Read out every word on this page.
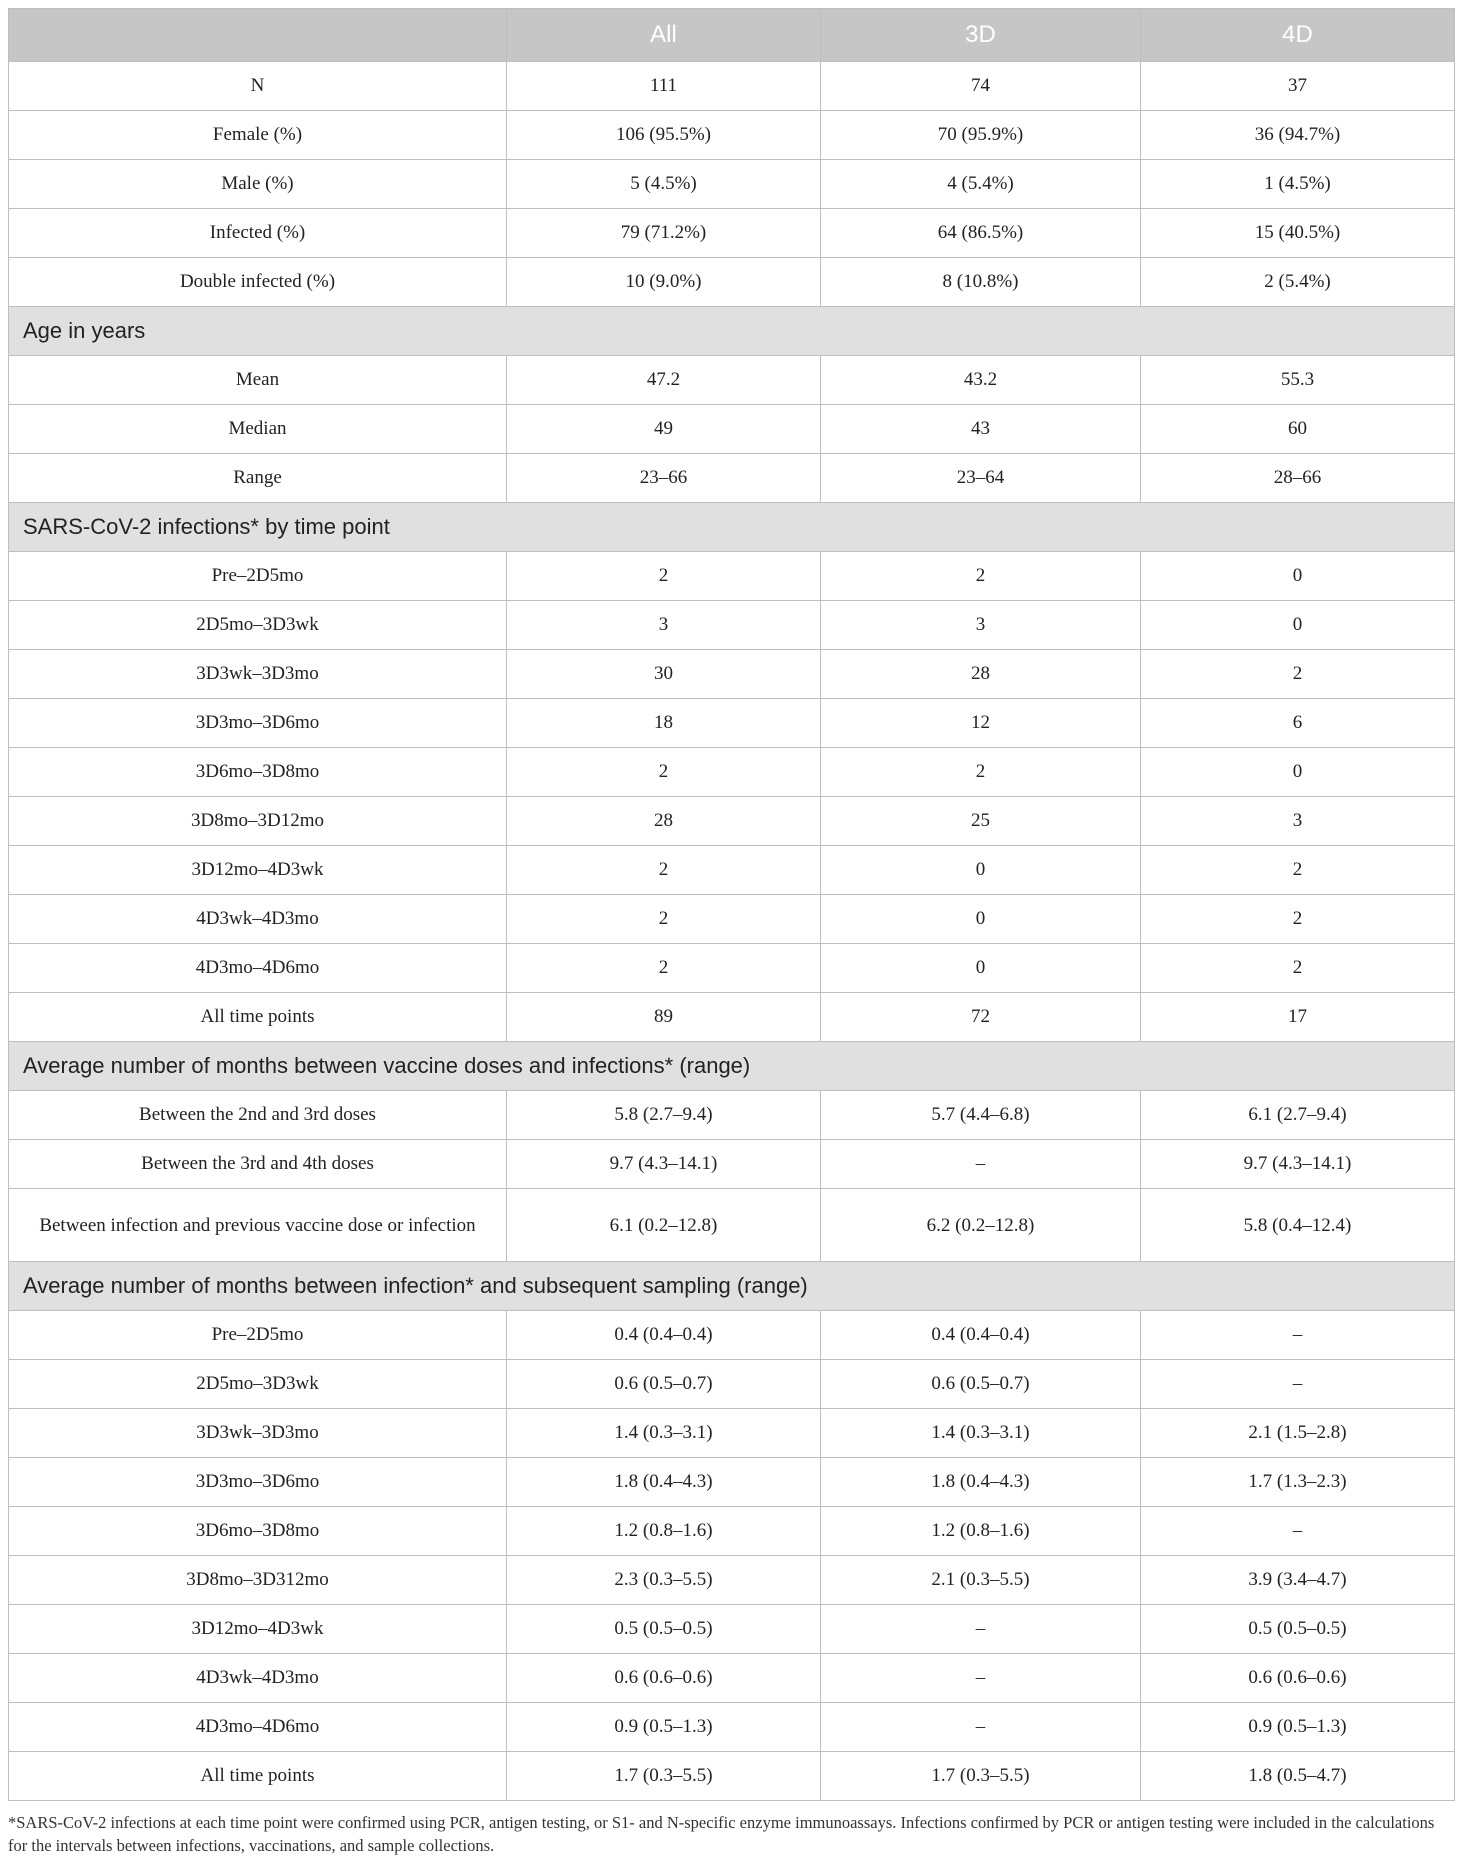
	All	3D	4D
N	111	74	37
Female (%)	106 (95.5%)	70 (95.9%)	36 (94.7%)
Male (%)	5 (4.5%)	4 (5.4%)	1 (4.5%)
Infected (%)	79 (71.2%)	64 (86.5%)	15 (40.5%)
Double infected (%)	10 (9.0%)	8 (10.8%)	2 (5.4%)
Age in years			
Mean	47.2	43.2	55.3
Median	49	43	60
Range	23–66	23–64	28–66
SARS-CoV-2 infections* by time point			
Pre–2D5mo	2	2	0
2D5mo–3D3wk	3	3	0
3D3wk–3D3mo	30	28	2
3D3mo–3D6mo	18	12	6
3D6mo–3D8mo	2	2	0
3D8mo–3D12mo	28	25	3
3D12mo–4D3wk	2	0	2
4D3wk–4D3mo	2	0	2
4D3mo–4D6mo	2	0	2
All time points	89	72	17
Average number of months between vaccine doses and infections* (range)			
Between the 2nd and 3rd doses	5.8 (2.7–9.4)	5.7 (4.4–6.8)	6.1 (2.7–9.4)
Between the 3rd and 4th doses	9.7 (4.3–14.1)	–	9.7 (4.3–14.1)
Between infection and previous vaccine dose or infection	6.1 (0.2–12.8)	6.2 (0.2–12.8)	5.8 (0.4–12.4)
Average number of months between infection* and subsequent sampling (range)			
Pre–2D5mo	0.4 (0.4–0.4)	0.4 (0.4–0.4)	–
2D5mo–3D3wk	0.6 (0.5–0.7)	0.6 (0.5–0.7)	–
3D3wk–3D3mo	1.4 (0.3–3.1)	1.4 (0.3–3.1)	2.1 (1.5–2.8)
3D3mo–3D6mo	1.8 (0.4–4.3)	1.8 (0.4–4.3)	1.7 (1.3–2.3)
3D6mo–3D8mo	1.2 (0.8–1.6)	1.2 (0.8–1.6)	–
3D8mo–3D312mo	2.3 (0.3–5.5)	2.1 (0.3–5.5)	3.9 (3.4–4.7)
3D12mo–4D3wk	0.5 (0.5–0.5)	–	0.5 (0.5–0.5)
4D3wk–4D3mo	0.6 (0.6–0.6)	–	0.6 (0.6–0.6)
4D3mo–4D6mo	0.9 (0.5–1.3)	–	0.9 (0.5–1.3)
All time points	1.7 (0.3–5.5)	1.7 (0.3–5.5)	1.8 (0.5–4.7)
*SARS-CoV-2 infections at each time point were confirmed using PCR, antigen testing, or S1- and N-specific enzyme immunoassays. Infections confirmed by PCR or antigen testing were included in the calculations for the intervals between infections, vaccinations, and sample collections.
